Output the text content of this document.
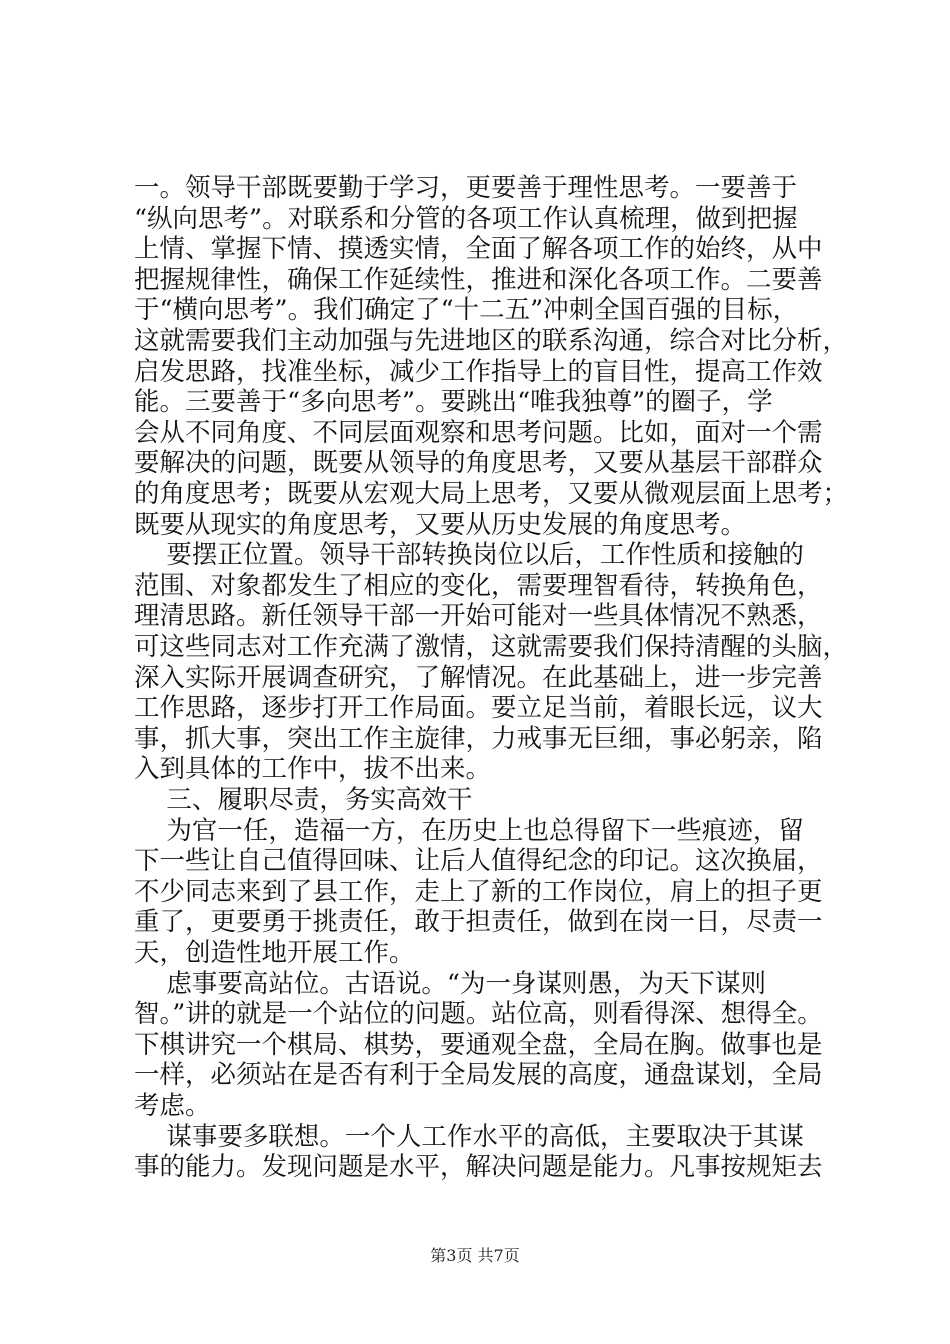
一。领导干部既要勤于学习，更要善于理性思考。一要善于
“纵向思考”。对联系和分管的各项工作认真梳理，做到把握
上情、掌握下情、摸透实情，全面了解各项工作的始终，从中
把握规律性，确保工作延续性，推进和深化各项工作。二要善
于“横向思考”。我们确定了“十二五”冲刺全国百强的目标，
这就需要我们主动加强与先进地区的联系沟通，综合对比分析，
启发思路，找准坐标，减少工作指导上的盲目性，提高工作效
能。三要善于“多向思考”。要跳出“唯我独尊”的圈子，学
会从不同角度、不同层面观察和思考问题。比如，面对一个需
要解决的问题，既要从领导的角度思考，又要从基层干部群众
的角度思考；既要从宏观大局上思考，又要从微观层面上思考；
既要从现实的角度思考，又要从历史发展的角度思考。
要摆正位置。领导干部转换岗位以后，工作性质和接触的
范围、对象都发生了相应的变化，需要理智看待，转换角色，
理清思路。新任领导干部一开始可能对一些具体情况不熟悉，
可这些同志对工作充满了激情，这就需要我们保持清醒的头脑，
深入实际开展调查研究，了解情况。在此基础上，进一步完善
工作思路，逐步打开工作局面。要立足当前，着眼长远，议大
事，抓大事，突出工作主旋律，力戒事无巨细，事必躬亲，陷
入到具体的工作中，拔不出来。
三、履职尽责，务实高效干
为官一任，造福一方，在历史上也总得留下一些痕迹，留
下一些让自己值得回味、让后人值得纪念的印记。这次换届，
不少同志来到了县工作，走上了新的工作岗位，肩上的担子更
重了，更要勇于挑责任，敢于担责任，做到在岗一日，尽责一
天，创造性地开展工作。
虑事要高站位。古语说。“为一身谋则愚，为天下谋则
智。”讲的就是一个站位的问题。站位高，则看得深、想得全。
下棋讲究一个棋局、棋势，要通观全盘，全局在胸。做事也是
一样，必须站在是否有利于全局发展的高度，通盘谋划，全局
考虑。
谋事要多联想。一个人工作水平的高低，主要取决于其谋
事的能力。发现问题是水平，解决问题是能力。凡事按规矩去
第3页 共7页
